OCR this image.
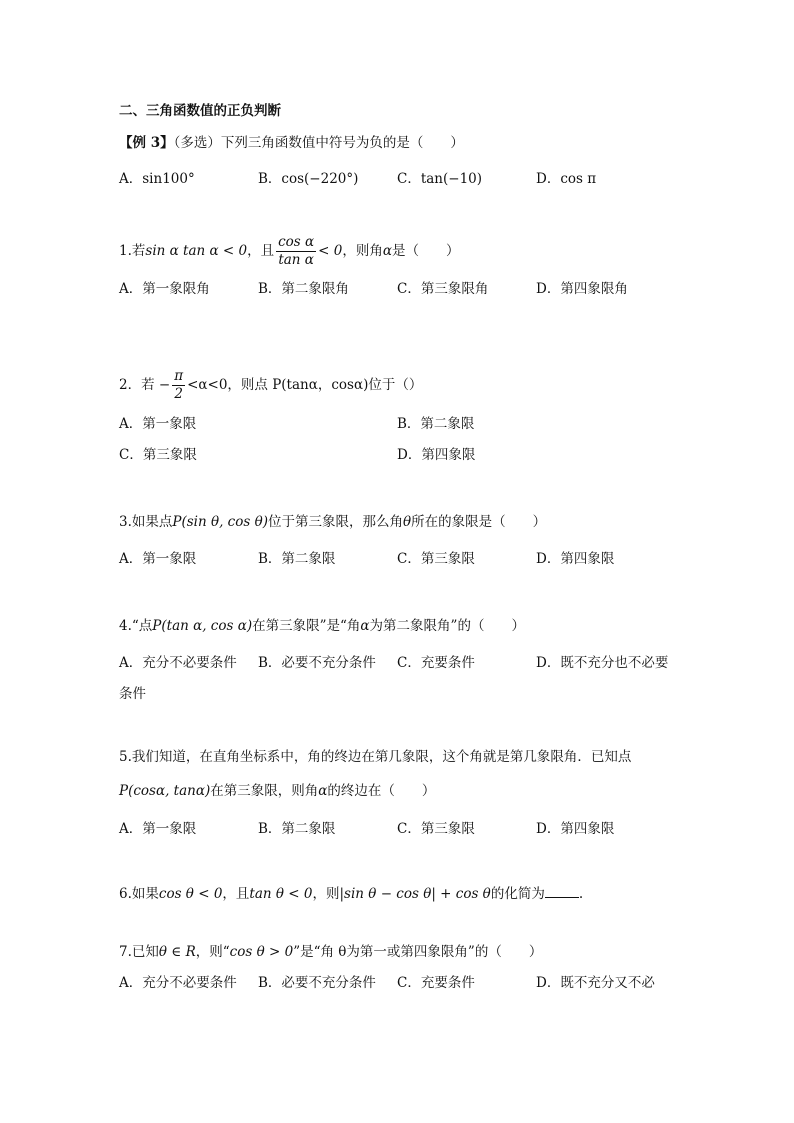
二、三角函数值的正负判断
【例 3】（多选）下列三角函数值中符号为负的是（　　）
A．sin100°	B．cos(−220°)	C．tan(−10)	D．cos π
1.若sin α tan α < 0，且 $\frac{\text{cos α}}{\text{tan α}} < 0$，则角α是（　　）
A．第一象限角	B．第二象限角	C．第三象限角	D．第四象限角
2．若 − $\frac{\pi}{2} <\alpha<0$，则点 P(tanα，cosα)位于（）
A．第一象限	B．第二象限
C．第三象限	D．第四象限
3.如果点P(sin θ, cos θ)位于第三象限，那么角θ所在的象限是（　　）
A．第一象限	B．第二象限	C．第三象限	D．第四象限
4.“点P(tan α, cos α)在第三象限”是“角α为第二象限角”的（　　）
A．充分不必要条件 B．必要不充分条件 C．充要条件	D．既不充分也不必要
条件
5.我们知道，在直角坐标系中，角的终边在第几象限，这个角就是第几象限角．已知点
P(cosα, tanα)在第三象限，则角α的终边在（　　）
A．第一象限	B．第二象限	C．第三象限	D．第四象限
6.如果cos θ < 0，且tan θ < 0，则|sin θ − cos θ| + cos θ的化简为	.
7.已知θ ∈ R，则“cos θ > 0”是“角 θ为第一或第四象限角”的（　　）
A．充分不必要条件 B．必要不充分条件 C．充要条件	D．既不充分又不必
